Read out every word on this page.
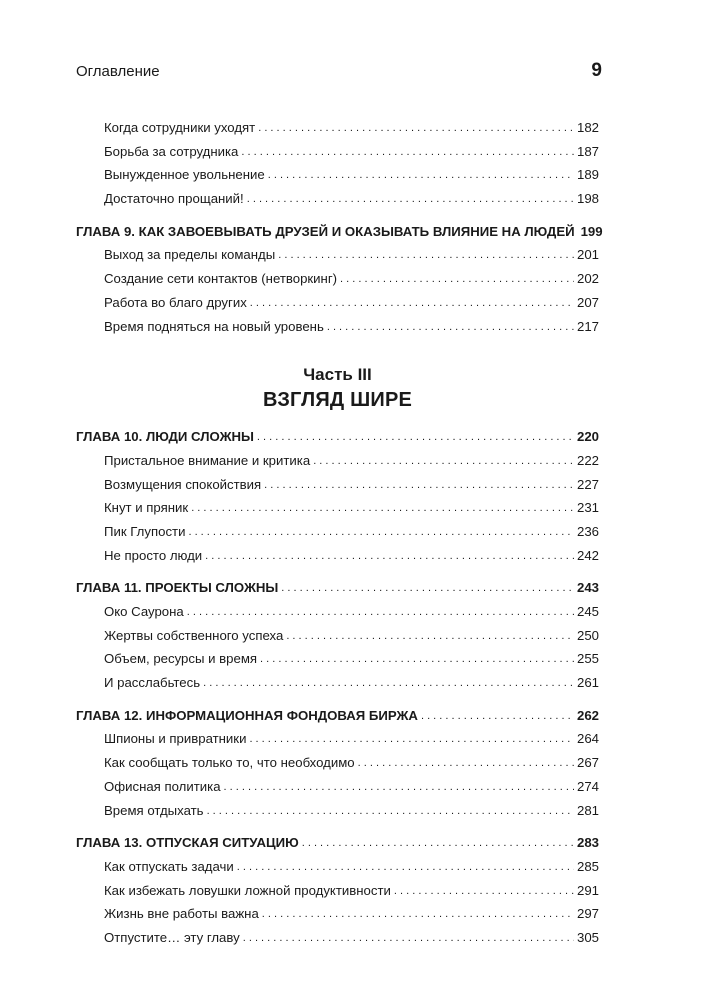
Оглавление	9
Когда сотрудники уходят . . .	182
Борьба за сотрудника . . .	187
Вынужденное увольнение . . .	189
Достаточно прощаний! . . .	198
ГЛАВА 9. КАК ЗАВОЕВЫВАТЬ ДРУЗЕЙ И ОКАЗЫВАТЬ ВЛИЯНИЕ НА ЛЮДЕЙ 199
Выход за пределы команды . . .	201
Создание сети контактов (нетворкинг) . . .	202
Работа во благо других . . .	207
Время подняться на новый уровень . . .	217
Часть III
ВЗГЛЯД ШИРЕ
ГЛАВА 10. ЛЮДИ СЛОЖНЫ . . .	220
Пристальное внимание и критика . . .	222
Возмущения спокойствия . . .	227
Кнут и пряник . . .	231
Пик Глупости . . .	236
Не просто люди . . .	242
ГЛАВА 11. ПРОЕКТЫ СЛОЖНЫ . . .	243
Око Саурона . . .	245
Жертвы собственного успеха . . .	250
Объем, ресурсы и время . . .	255
И расслабьтесь . . .	261
ГЛАВА 12. ИНФОРМАЦИОННАЯ ФОНДОВАЯ БИРЖА . . .	262
Шпионы и привратники . . .	264
Как сообщать только то, что необходимо . . .	267
Офисная политика . . .	274
Время отдыхать . . .	281
ГЛАВА 13. ОТПУСКАЯ СИТУАЦИЮ . . .	283
Как отпускать задачи . . .	285
Как избежать ловушки ложной продуктивности . . .	291
Жизнь вне работы важна . . .	297
Отпустите… эту главу . . .	305
